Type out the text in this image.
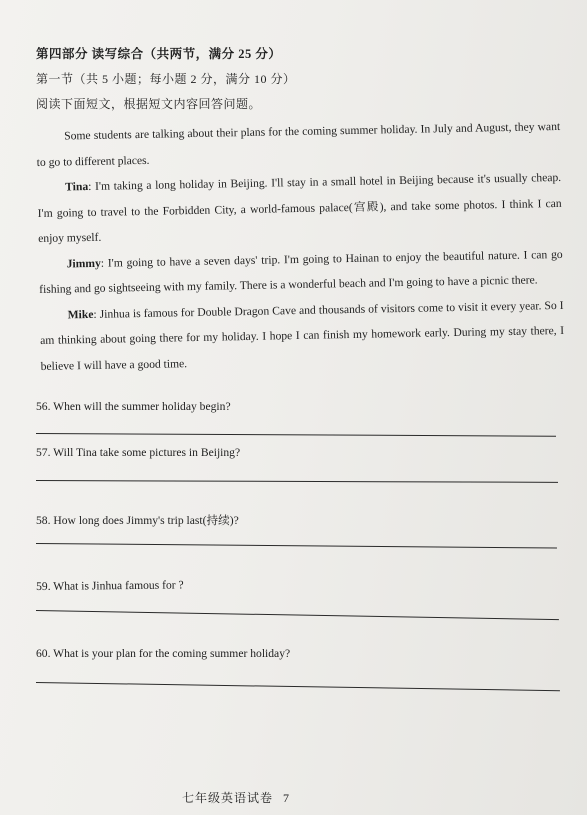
第四部分 读写综合（共两节，满分 25 分）
第一节（共 5 小题；每小题 2 分，满分 10 分）
阅读下面短文，根据短文内容回答问题。

Some students are talking about their plans for the coming summer holiday. In July and August, they want to go to different places.

Tina: I'm taking a long holiday in Beijing. I'll stay in a small hotel in Beijing because it's usually cheap. I'm going to travel to the Forbidden City, a world-famous palace(宫殿), and take some photos. I think I can enjoy myself.

Jimmy: I'm going to have a seven days' trip. I'm going to Hainan to enjoy the beautiful nature. I can go fishing and go sightseeing with my family. There is a wonderful beach and I'm going to have a picnic there.

Mike: Jinhua is famous for Double Dragon Cave and thousands of visitors come to visit it every year. So I am thinking about going there for my holiday. I hope I can finish my homework early. During my stay there, I believe I will have a good time.

56. When will the summer holiday begin?
57. Will Tina take some pictures in Beijing?
58. How long does Jimmy's trip last(持续)?
59. What is Jinhua famous for ?
60. What is your plan for the coming summer holiday?
七年级英语试卷 7
